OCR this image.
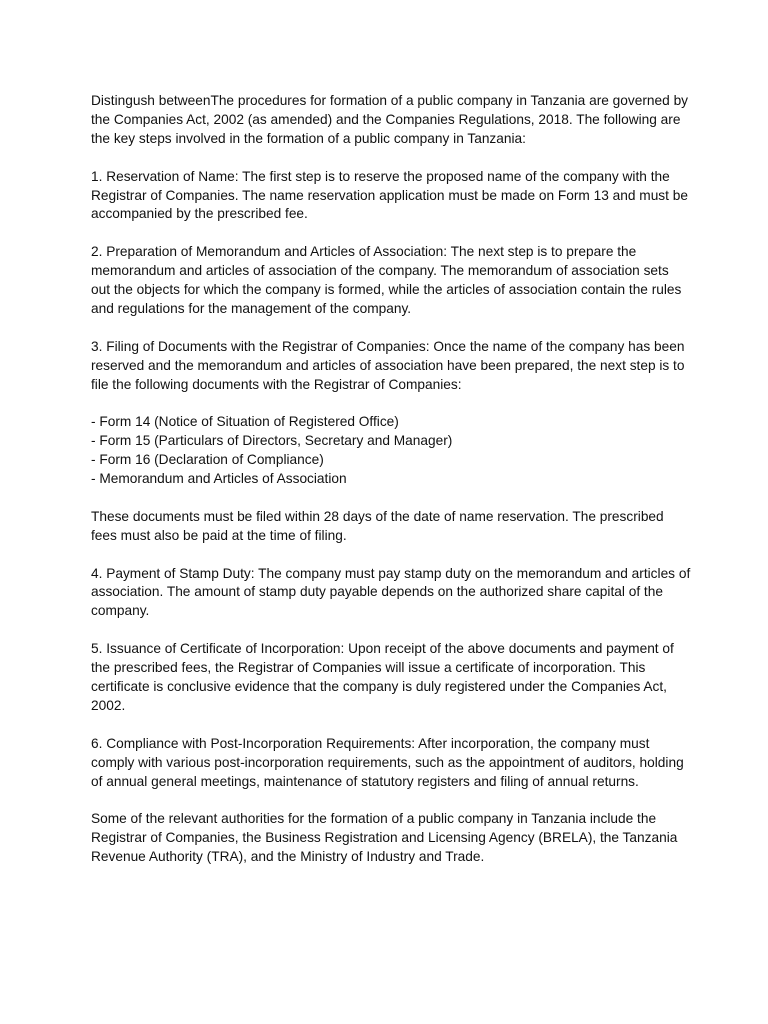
Distingush betweenThe procedures for formation of a public company in Tanzania are governed by the Companies Act, 2002 (as amended) and the Companies Regulations, 2018. The following are the key steps involved in the formation of a public company in Tanzania:

1. Reservation of Name: The first step is to reserve the proposed name of the company with the Registrar of Companies. The name reservation application must be made on Form 13 and must be accompanied by the prescribed fee.

2. Preparation of Memorandum and Articles of Association: The next step is to prepare the memorandum and articles of association of the company. The memorandum of association sets out the objects for which the company is formed, while the articles of association contain the rules and regulations for the management of the company.

3. Filing of Documents with the Registrar of Companies: Once the name of the company has been reserved and the memorandum and articles of association have been prepared, the next step is to file the following documents with the Registrar of Companies:

- Form 14 (Notice of Situation of Registered Office)
- Form 15 (Particulars of Directors, Secretary and Manager)
- Form 16 (Declaration of Compliance)
- Memorandum and Articles of Association

These documents must be filed within 28 days of the date of name reservation. The prescribed fees must also be paid at the time of filing.

4. Payment of Stamp Duty: The company must pay stamp duty on the memorandum and articles of association. The amount of stamp duty payable depends on the authorized share capital of the company.

5. Issuance of Certificate of Incorporation: Upon receipt of the above documents and payment of the prescribed fees, the Registrar of Companies will issue a certificate of incorporation. This certificate is conclusive evidence that the company is duly registered under the Companies Act, 2002.

6. Compliance with Post-Incorporation Requirements: After incorporation, the company must comply with various post-incorporation requirements, such as the appointment of auditors, holding of annual general meetings, maintenance of statutory registers and filing of annual returns.

Some of the relevant authorities for the formation of a public company in Tanzania include the Registrar of Companies, the Business Registration and Licensing Agency (BRELA), the Tanzania Revenue Authority (TRA), and the Ministry of Industry and Trade.
